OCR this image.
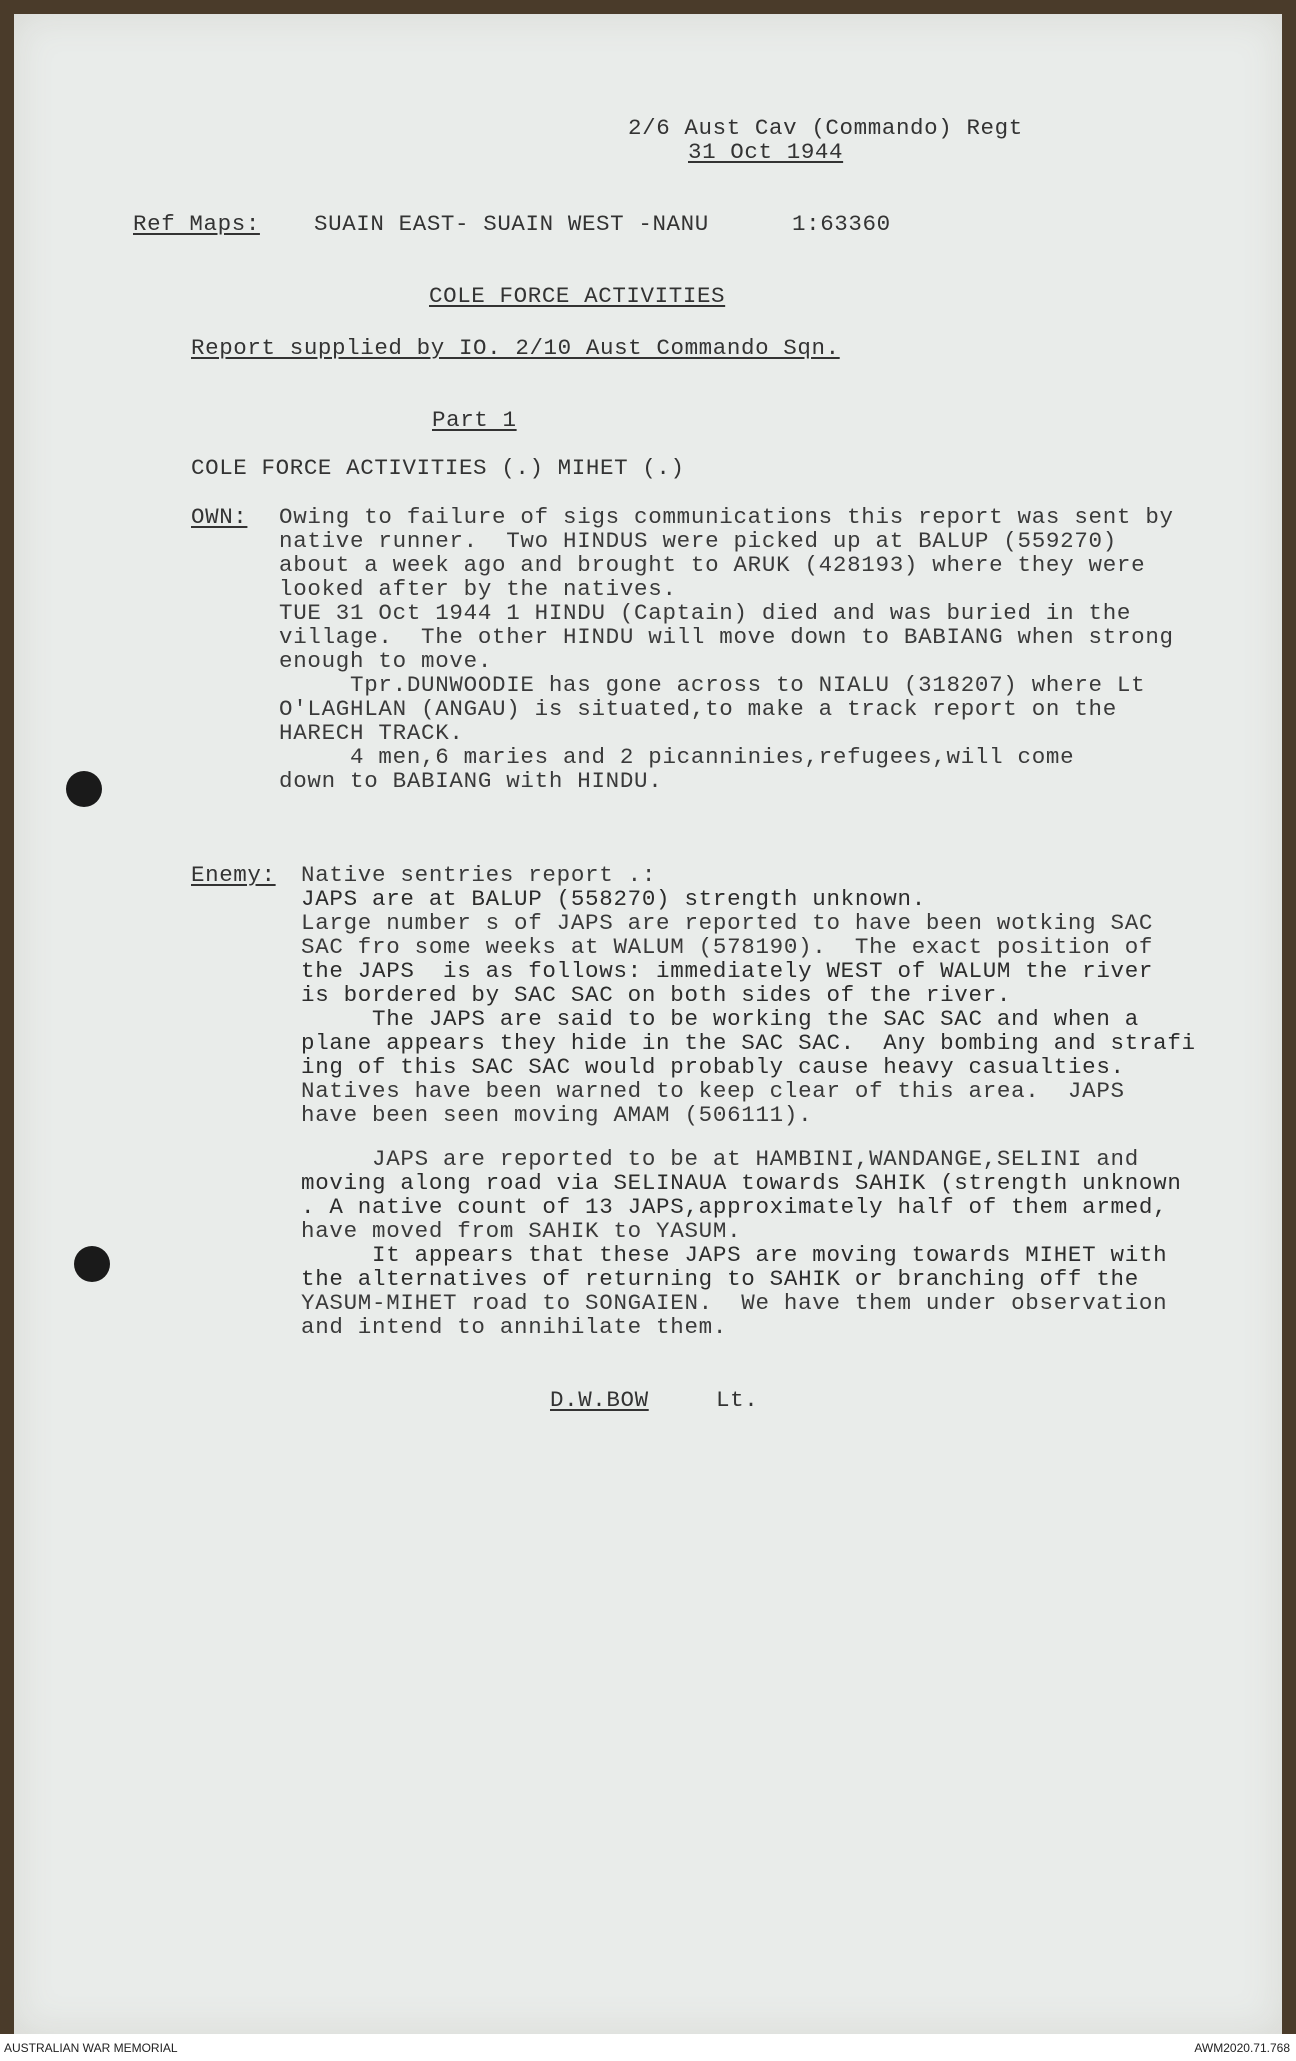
2/6 Aust Cav (Commando) Regt
31 Oct 1944
Ref Maps: SUAIN EAST- SUAIN WEST -NANU	1:63360
COLE FORCE ACTIVITIES
Report supplied by IO. 2/10 Aust Commando Sqn.
Part 1
COLE FORCE ACTIVITIES (.) MIHET (.)
OWN: Owing to failure of sigs communications this report was sent by
native runner.  Two HINDUS were picked up at BALUP (559270)
about a week ago and brought to ARUK (428193) where they were
looked after by the natives.
TUE 31 Oct 1944 1 HINDU (Captain) died and was buried in the
village.  The other HINDU will move down to BABIANG when strong
enough to move.
Tpr.DUNWOODIE has gone across to NIALU (318207) where Lt
O'LAGHLAN (ANGAU) is situated,to make a track report on the
HARECH TRACK.
4 men,6 maries and 2 picanninies,refugees,will come
down to BABIANG with HINDU.
Enemy: Native sentries report .:
JAPS are at BALUP (558270) strength unknown.
Large number s of JAPS are reported to have been wotking SAC
SAC fro some weeks at WALUM (578190).  The exact position of
the JAPS  is as follows: immediately WEST of WALUM the river
is bordered by SAC SAC on both sides of the river.
The JAPS are said to be working the SAC SAC and when a
plane appears they hide in the SAC SAC.  Any bombing and strafi
ing of this SAC SAC would probably cause heavy casualties.
Natives have been warned to keep clear of this area.  JAPS
have been seen moving AMAM (506111).
JAPS are reported to be at HAMBINI,WANDANGE,SELINI and
moving along road via SELINAUA towards SAHIK (strength unknown
. A native count of 13 JAPS,approximately half of them armed,
have moved from SAHIK to YASUM.
It appears that these JAPS are moving towards MIHET with
the alternatives of returning to SAHIK or branching off the
YASUM-MIHET road to SONGAIEN.  We have them under observation
and intend to annihilate them.
D.W.BOW	Lt.
AUSTRALIAN WAR MEMORIAL	AWM2020.71.768
